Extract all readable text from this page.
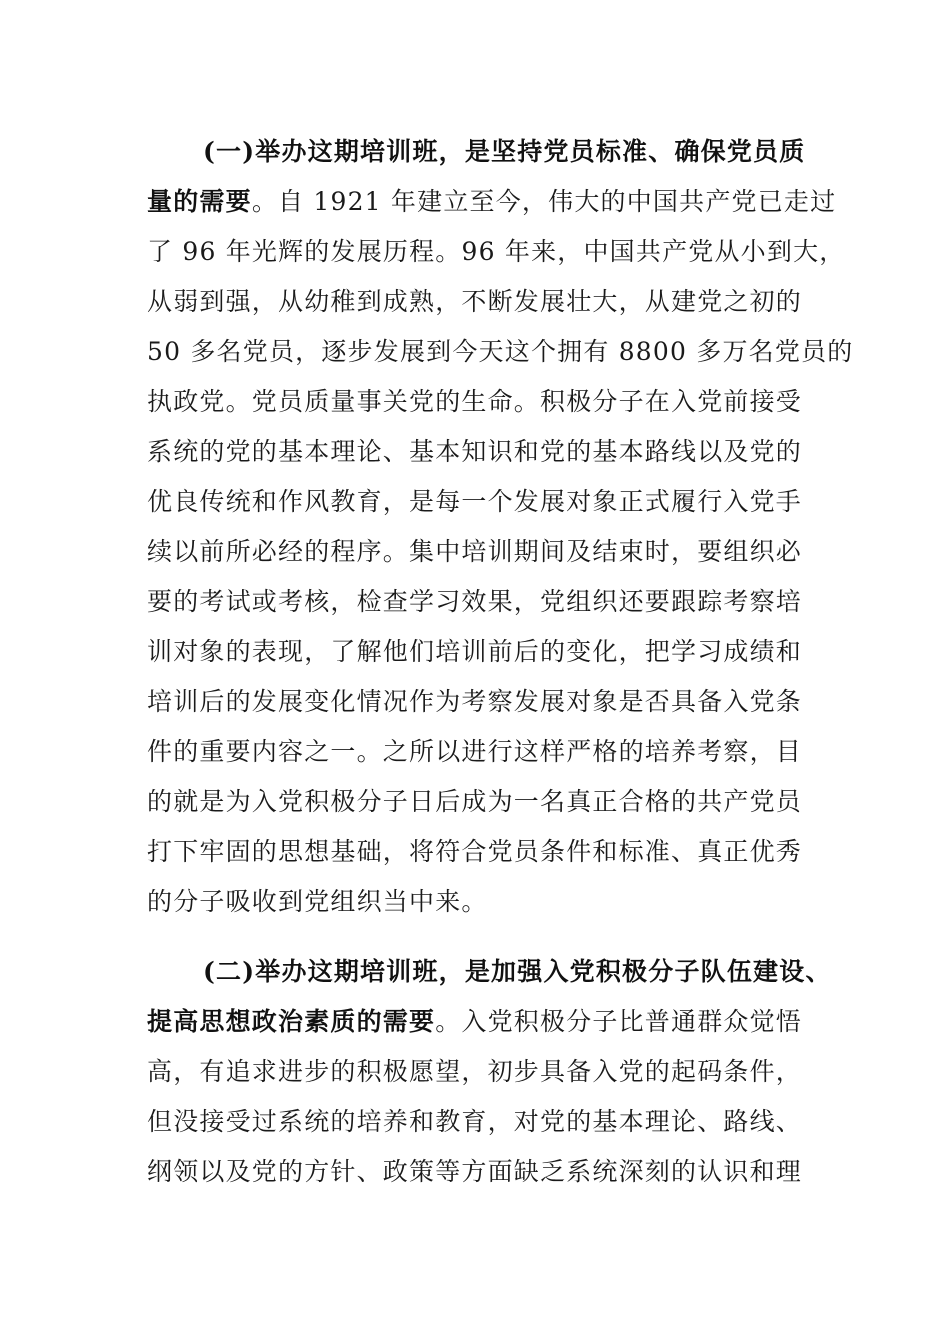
(一)举办这期培训班，是坚持党员标准、确保党员质
量的需要。自 1921 年建立至今，伟大的中国共产党已走过
了 96 年光辉的发展历程。96 年来，中国共产党从小到大，
从弱到强，从幼稚到成熟，不断发展壮大，从建党之初的
50 多名党员，逐步发展到今天这个拥有 8800 多万名党员的
执政党。党员质量事关党的生命。积极分子在入党前接受
系统的党的基本理论、基本知识和党的基本路线以及党的
优良传统和作风教育，是每一个发展对象正式履行入党手
续以前所必经的程序。集中培训期间及结束时，要组织必
要的考试或考核，检查学习效果，党组织还要跟踪考察培
训对象的表现，了解他们培训前后的变化，把学习成绩和
培训后的发展变化情况作为考察发展对象是否具备入党条
件的重要内容之一。之所以进行这样严格的培养考察，目
的就是为入党积极分子日后成为一名真正合格的共产党员
打下牢固的思想基础，将符合党员条件和标准、真正优秀
的分子吸收到党组织当中来。
(二)举办这期培训班，是加强入党积极分子队伍建设、
提高思想政治素质的需要。入党积极分子比普通群众觉悟
高，有追求进步的积极愿望，初步具备入党的起码条件，
但没接受过系统的培养和教育，对党的基本理论、路线、
纲领以及党的方针、政策等方面缺乏系统深刻的认识和理
